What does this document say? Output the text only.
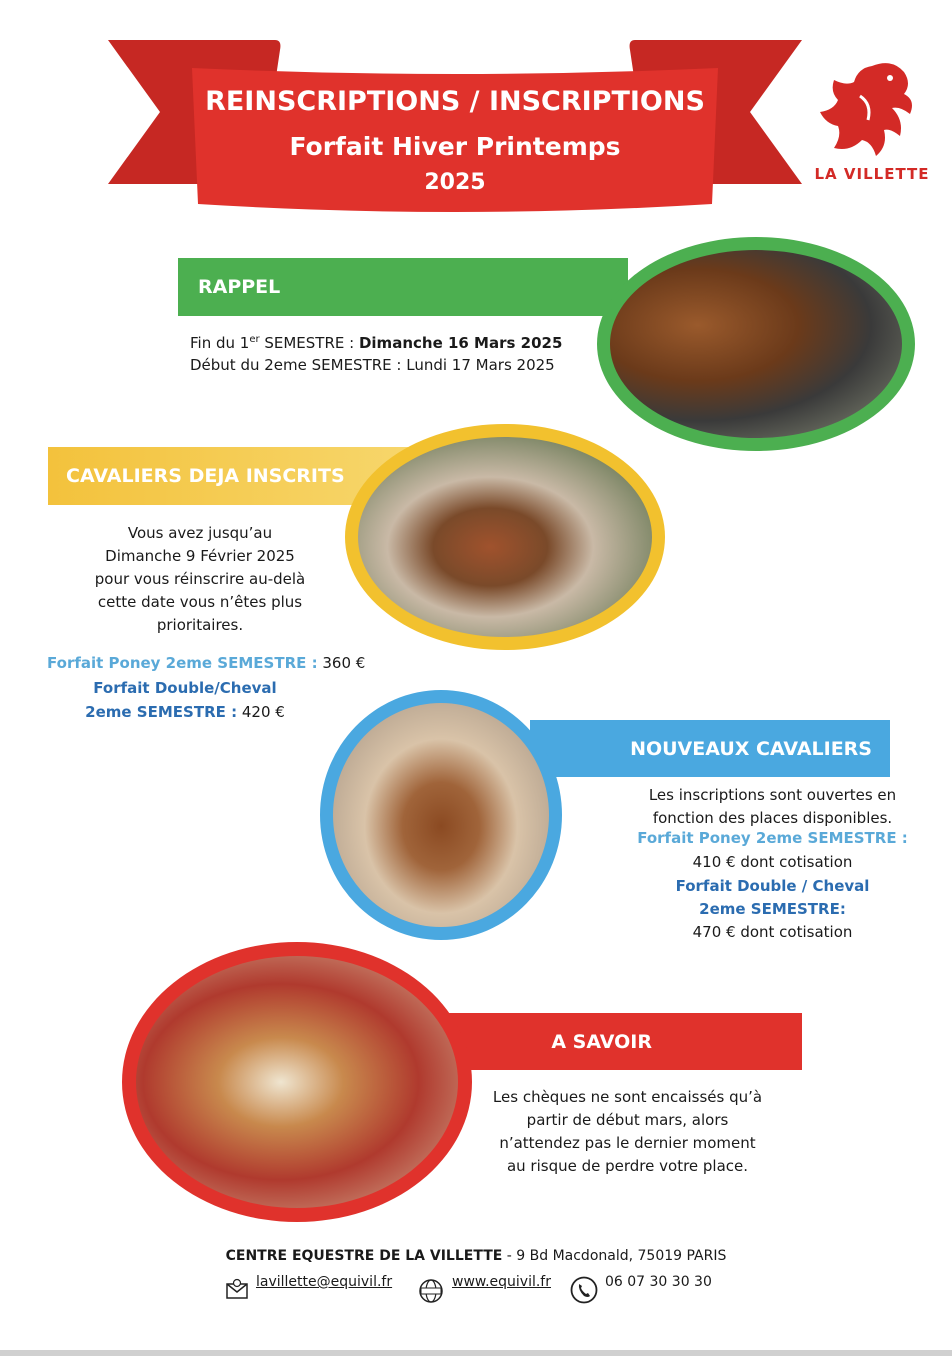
REINSCRIPTIONS / INSCRIPTIONS
Forfait Hiver Printemps
2025	LA VILLETTE
RAPPEL
Fin du 1er SEMESTRE : Dimanche 16 Mars 2025
Début du 2eme SEMESTRE : Lundi 17 Mars 2025
CAVALIERS DEJA INSCRITS
Vous avez jusqu’au
Dimanche 9 Février 2025
pour vous réinscrire au-delà
cette date vous n’êtes plus
prioritaires.
Forfait Poney 2eme SEMESTRE : 360 €
Forfait Double/Cheval
2eme SEMESTRE : 420 €
NOUVEAUX CAVALIERS
Les inscriptions sont ouvertes en
fonction des places disponibles.
Forfait Poney 2eme SEMESTRE :
410 € dont cotisation
Forfait Double / Cheval
2eme SEMESTRE:
470 € dont cotisation
A SAVOIR
Les chèques ne sont encaissés qu’à
partir de début mars, alors
n’attendez pas le dernier moment
au risque de perdre votre place.
CENTRE EQUESTRE DE LA VILLETTE - 9 Bd Macdonald, 75019 PARIS
lavillette@equivil.fr	www.equivil.fr	06 07 30 30 30
